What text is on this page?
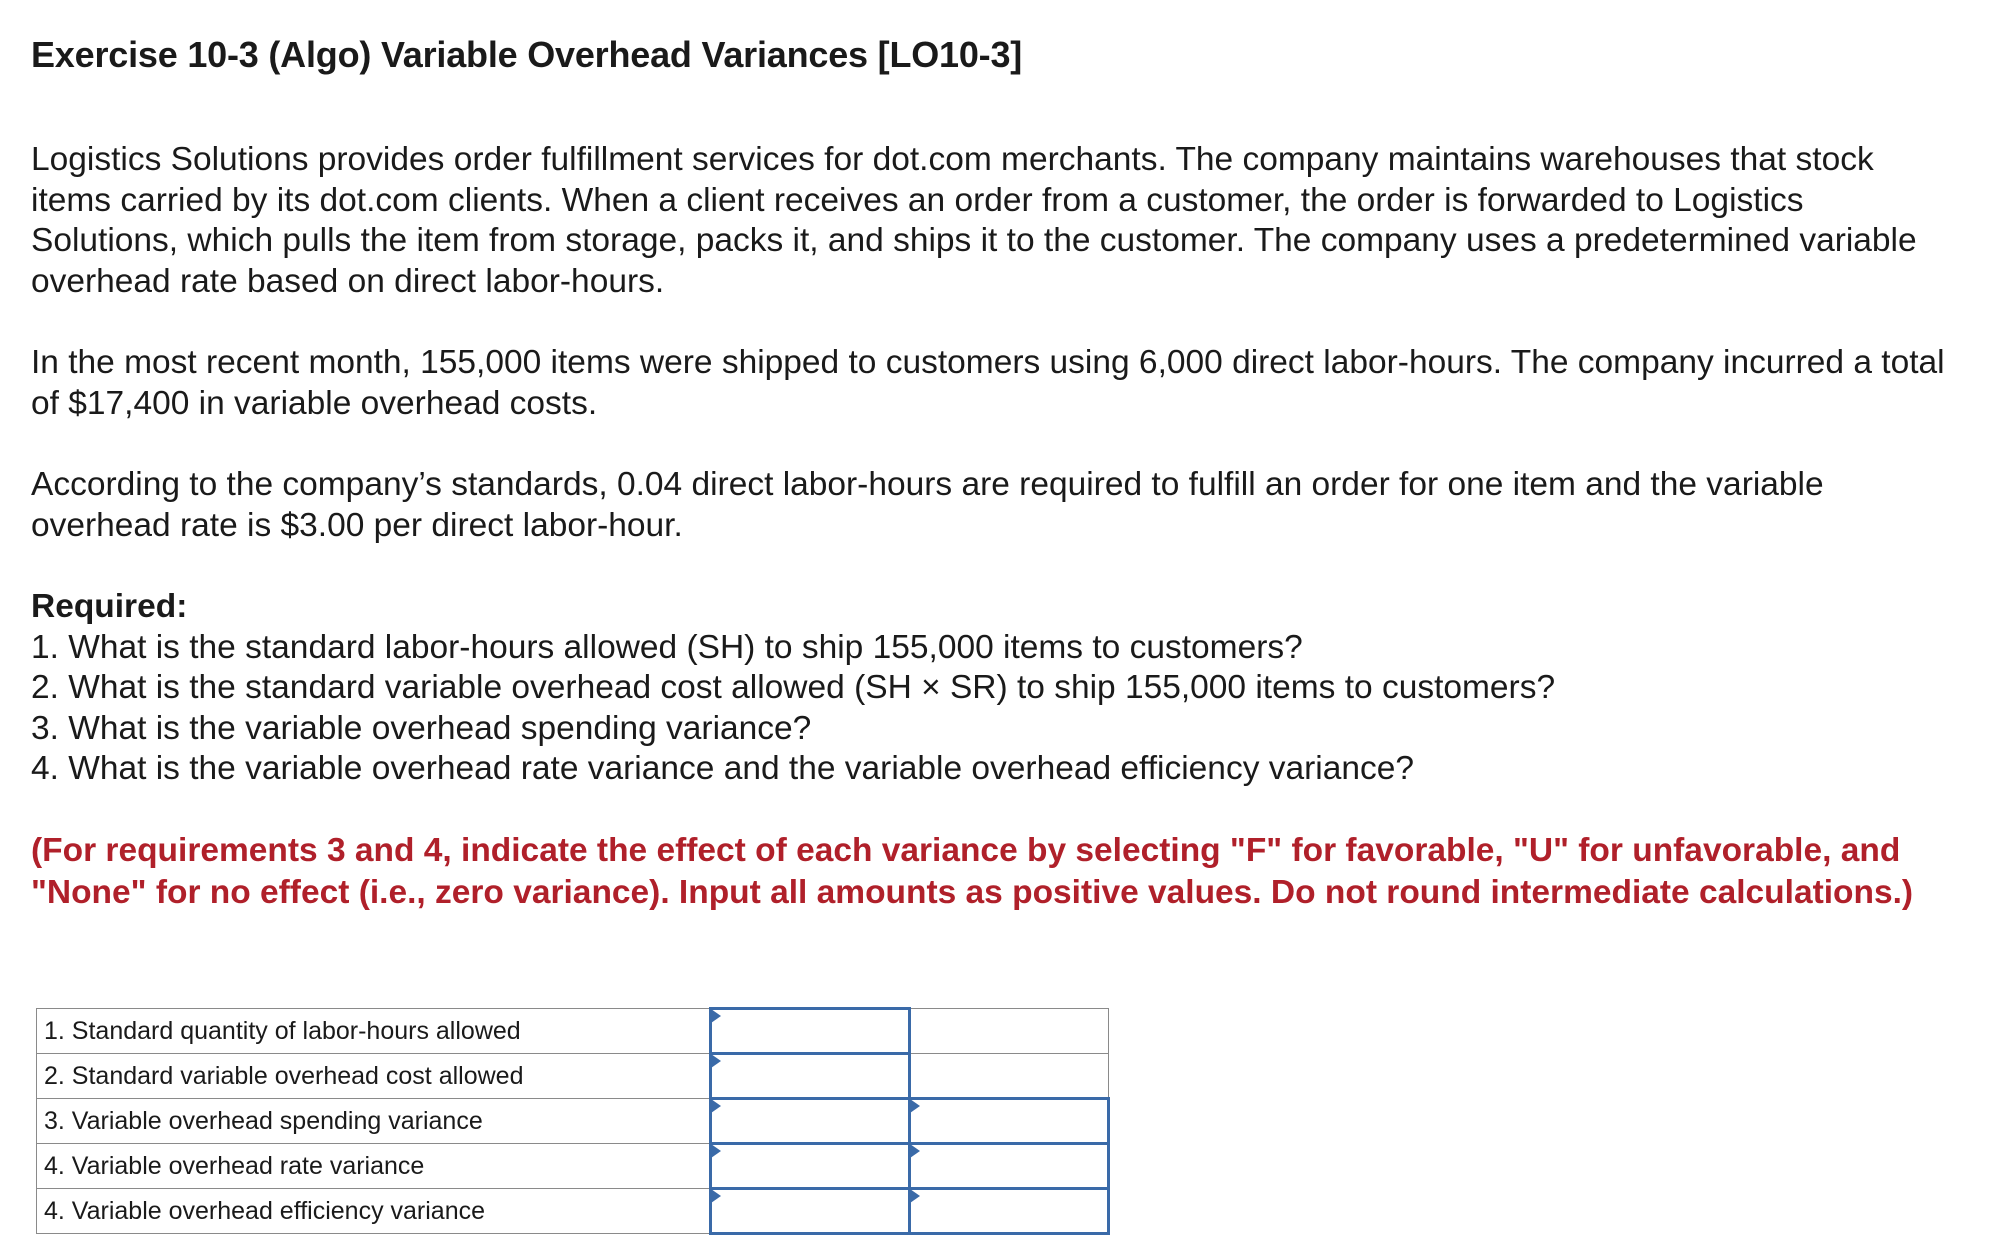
Exercise 10-3 (Algo) Variable Overhead Variances [LO10-3]

Logistics Solutions provides order fulfillment services for dot.com merchants. The company maintains warehouses that stock items carried by its dot.com clients. When a client receives an order from a customer, the order is forwarded to Logistics Solutions, which pulls the item from storage, packs it, and ships it to the customer. The company uses a predetermined variable overhead rate based on direct labor-hours.

In the most recent month, 155,000 items were shipped to customers using 6,000 direct labor-hours. The company incurred a total of $17,400 in variable overhead costs.

According to the company’s standards, 0.04 direct labor-hours are required to fulfill an order for one item and the variable overhead rate is $3.00 per direct labor-hour.

Required:
1. What is the standard labor-hours allowed (SH) to ship 155,000 items to customers?
2. What is the standard variable overhead cost allowed (SH × SR) to ship 155,000 items to customers?
3. What is the variable overhead spending variance?
4. What is the variable overhead rate variance and the variable overhead efficiency variance?

(For requirements 3 and 4, indicate the effect of each variance by selecting "F" for favorable, "U" for unfavorable, and "None" for no effect (i.e., zero variance). Input all amounts as positive values. Do not round intermediate calculations.)

1. Standard quantity of labor-hours allowed	

2. Standard variable overhead cost allowed	

3. Variable overhead spending variance	

4. Variable overhead rate variance	

4. Variable overhead efficiency variance	
